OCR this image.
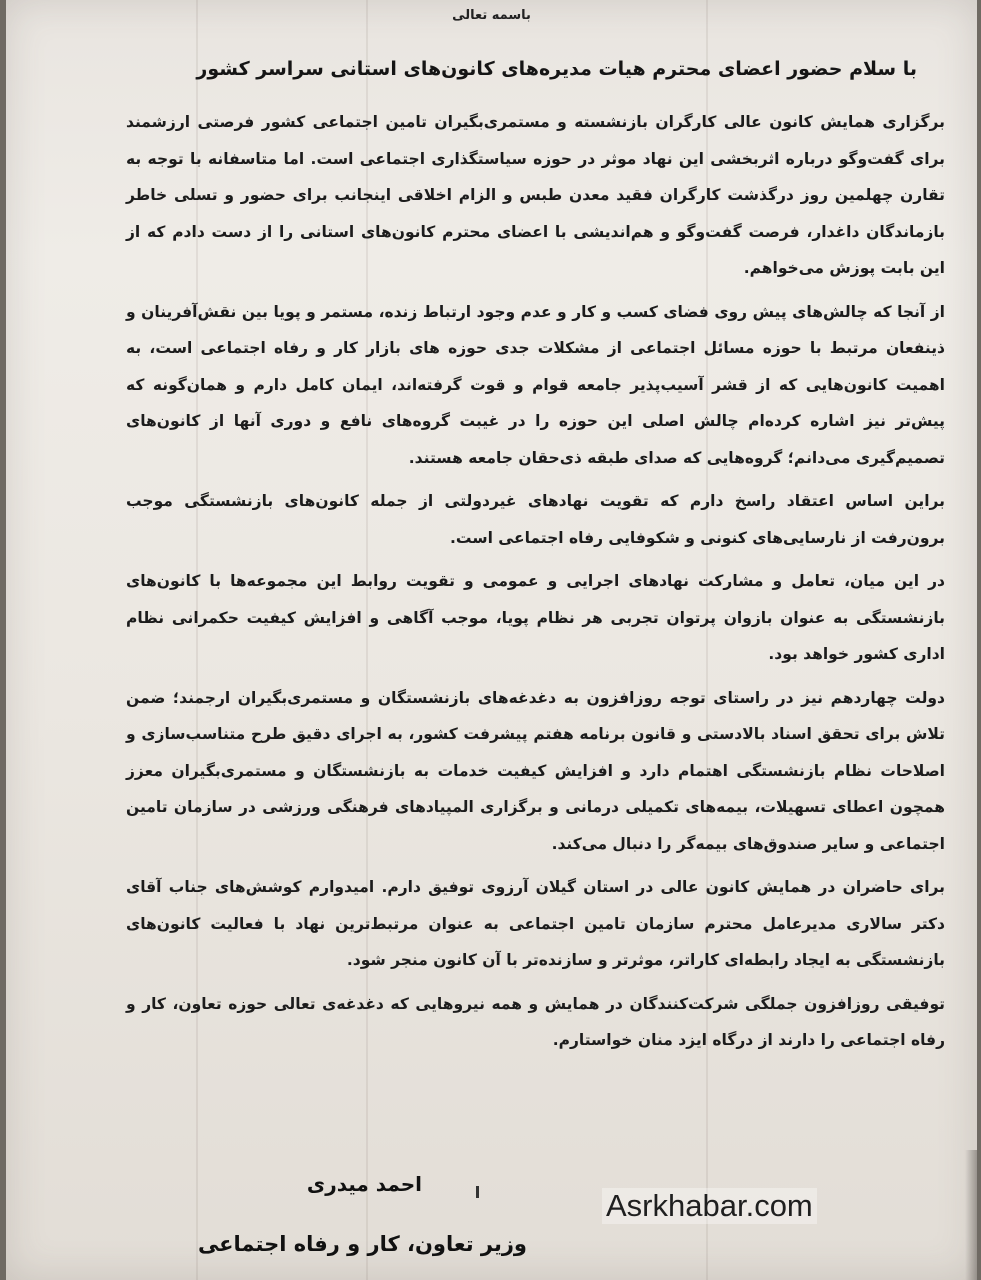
باسمه تعالی
با سلام حضور اعضای محترم هیات مدیره‌های کانون‌های استانی سراسر کشور

برگزاری همایش کانون عالی کارگران بازنشسته و مستمری‌بگیران تامین اجتماعی کشور فرصتی ارزشمند برای گفت‌وگو درباره اثربخشی این نهاد موثر در حوزه سیاستگذاری اجتماعی است. اما متاسفانه با توجه به تقارن چهلمین روز درگذشت کارگران فقید معدن طبس و الزام اخلاقی اینجانب برای حضور و تسلی خاطر بازماندگان داغدار، فرصت گفت‌وگو و هم‌اندیشی با اعضای محترم کانون‌های استانی را از دست دادم که از این بابت پوزش می‌خواهم.

از آنجا که چالش‌های پیش روی فضای کسب و کار و عدم وجود ارتباط زنده، مستمر و پویا بین نقش‌آفرینان و ذینفعان مرتبط با حوزه مسائل اجتماعی از مشکلات جدی حوزه های بازار کار و رفاه اجتماعی است، به اهمیت کانون‌هایی که از قشر آسیب‌پذیر جامعه قوام و قوت گرفته‌اند، ایمان کامل دارم و همان‌گونه که پیش‌تر نیز اشاره کرده‌ام چالش اصلی این حوزه را در غیبت گروه‌های نافع و دوری آنها از کانون‌های تصمیم‌گیری می‌دانم؛ گروه‌هایی که صدای طبقه ذی‌حقان جامعه هستند.

براین اساس اعتقاد راسخ دارم که تقویت نهادهای غیردولتی از جمله کانون‌های بازنشستگی موجب برون‌رفت از نارسایی‌های کنونی و شکوفایی رفاه اجتماعی است.

در این میان، تعامل و مشارکت نهادهای اجرایی و عمومی و تقویت روابط این مجموعه‌ها با کانون‌های بازنشستگی به عنوان بازوان پرتوان تجربی هر نظام پویا، موجب آگاهی و افزایش کیفیت حکمرانی نظام اداری کشور خواهد بود.

دولت چهاردهم نیز در راستای توجه روزافزون به دغدغه‌های بازنشستگان و مستمری‌بگیران ارجمند؛ ضمن تلاش برای تحقق اسناد بالادستی و قانون برنامه هفتم پیشرفت کشور، به اجرای دقیق طرح متناسب‌سازی و اصلاحات نظام بازنشستگی اهتمام دارد و افزایش کیفیت خدمات به بازنشستگان و مستمری‌بگیران معزز همچون اعطای تسهیلات، بیمه‌های تکمیلی درمانی و برگزاری المپیادهای فرهنگی ورزشی در سازمان تامین اجتماعی و سایر صندوق‌های بیمه‌گر را دنبال می‌کند.

برای حاضران در همایش کانون عالی در استان گیلان آرزوی توفیق دارم. امیدوارم کوشش‌های جناب آقای دکتر سالاری مدیرعامل محترم سازمان تامین اجتماعی به عنوان مرتبط‌ترین نهاد با فعالیت کانون‌های بازنشستگی به ایجاد رابطه‌ای کاراتر، موثرتر و سازنده‌تر با آن کانون منجر شود.

توفیقی روزافزون جملگی شرکت‌کنندگان در همایش و همه نیروهایی که دغدغه‌ی تعالی حوزه تعاون، کار و رفاه اجتماعی را دارند از درگاه ایزد منان خواستارم.

احمد میدری
وزیر تعاون، کار و رفاه اجتماعی
Asrkhabar.com
